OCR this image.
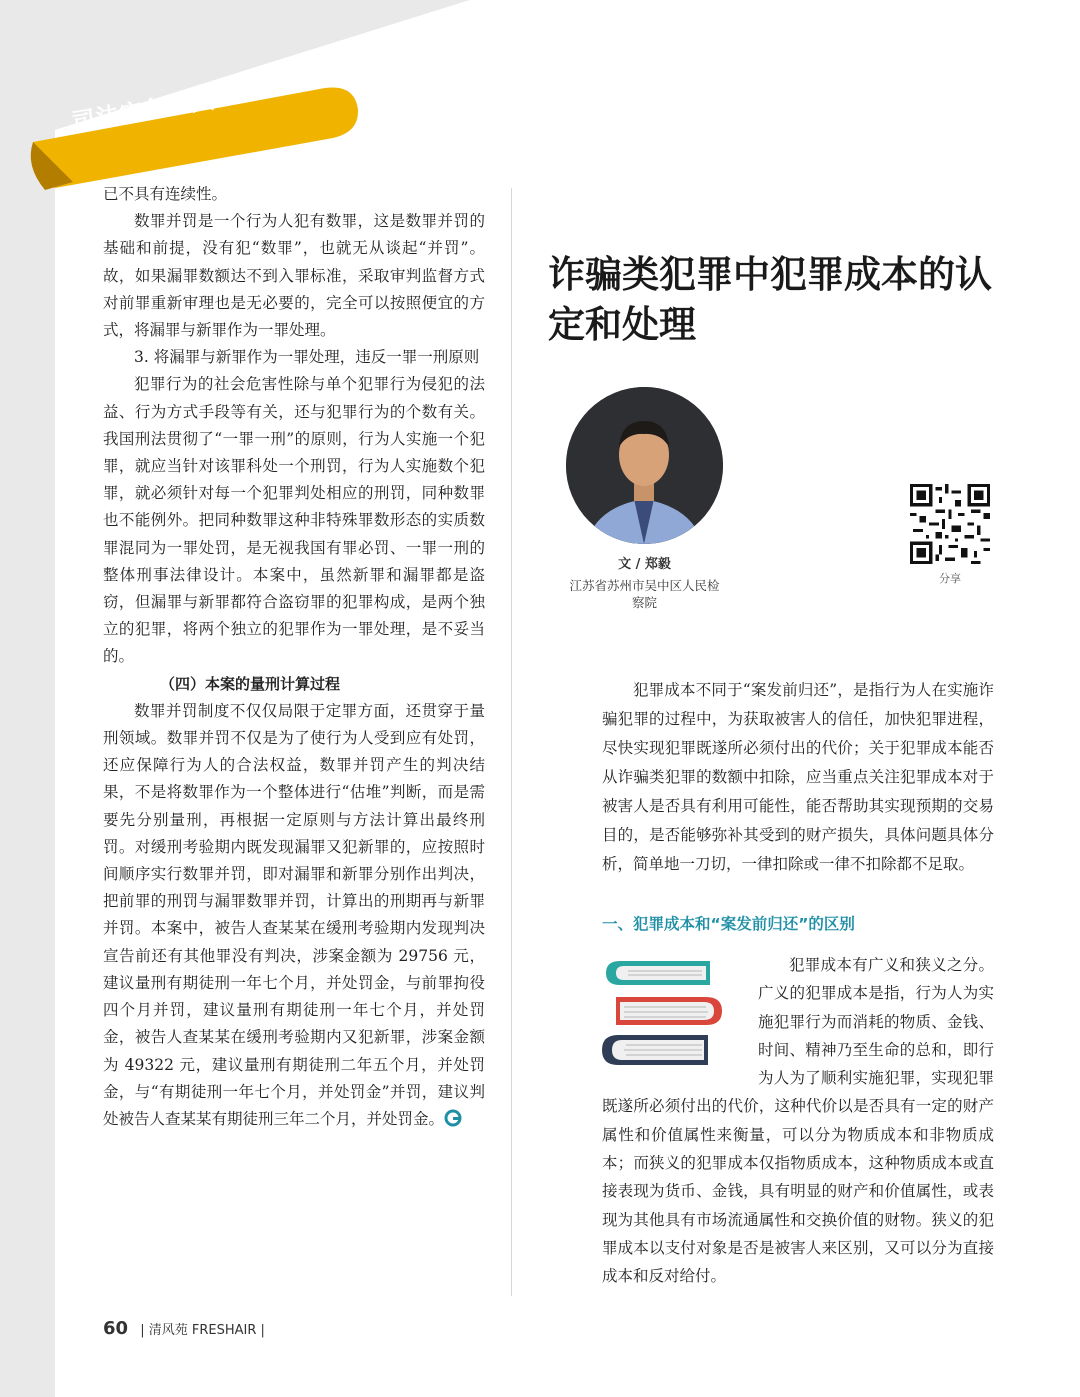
司法实务宝典

已不具有连续性。

数罪并罚是一个行为人犯有数罪，这是数罪并罚的基础和前提，没有犯“数罪”，也就无从谈起“并罚”。故，如果漏罪数额达不到入罪标准，采取审判监督方式对前罪重新审理也是无必要的，完全可以按照便宜的方式，将漏罪与新罪作为一罪处理。

3. 将漏罪与新罪作为一罪处理，违反一罪一刑原则

犯罪行为的社会危害性除与单个犯罪行为侵犯的法益、行为方式手段等有关，还与犯罪行为的个数有关。我国刑法贯彻了“一罪一刑”的原则，行为人实施一个犯罪，就应当针对该罪科处一个刑罚，行为人实施数个犯罪，就必须针对每一个犯罪判处相应的刑罚，同种数罪也不能例外。把同种数罪这种非特殊罪数形态的实质数罪混同为一罪处罚，是无视我国有罪必罚、一罪一刑的整体刑事法律设计。本案中，虽然新罪和漏罪都是盗窃，但漏罪与新罪都符合盗窃罪的犯罪构成，是两个独立的犯罪，将两个独立的犯罪作为一罪处理，是不妥当的。

（四）本案的量刑计算过程

数罪并罚制度不仅仅局限于定罪方面，还贯穿于量刑领域。数罪并罚不仅是为了使行为人受到应有处罚，还应保障行为人的合法权益，数罪并罚产生的判决结果，不是将数罪作为一个整体进行“估堆”判断，而是需要先分别量刑，再根据一定原则与方法计算出最终刑罚。对缓刑考验期内既发现漏罪又犯新罪的，应按照时间顺序实行数罪并罚，即对漏罪和新罪分别作出判决，把前罪的刑罚与漏罪数罪并罚，计算出的刑期再与新罪并罚。本案中，被告人查某某在缓刑考验期内发现判决宣告前还有其他罪没有判决，涉案金额为 29756 元，建议量刑有期徒刑一年七个月，并处罚金，与前罪拘役四个月并罚，建议量刑有期徒刑一年七个月，并处罚金，被告人查某某在缓刑考验期内又犯新罪，涉案金额为 49322 元，建议量刑有期徒刑二年五个月，并处罚金，与“有期徒刑一年七个月，并处罚金”并罚，建议判处被告人查某某有期徒刑三年二个月，并处罚金。

诈骗类犯罪中犯罪成本的认定和处理
文 / 郑毅
江苏省苏州市吴中区人民检察院
分享

犯罪成本不同于“案发前归还”，是指行为人在实施诈骗犯罪的过程中，为获取被害人的信任，加快犯罪进程，尽快实现犯罪既遂所必须付出的代价；关于犯罪成本能否从诈骗类犯罪的数额中扣除，应当重点关注犯罪成本对于被害人是否具有利用可能性，能否帮助其实现预期的交易目的，是否能够弥补其受到的财产损失，具体问题具体分析，简单地一刀切，一律扣除或一律不扣除都不足取。

一、犯罪成本和“案发前归还”的区别

犯罪成本有广义和狭义之分。广义的犯罪成本是指，行为人为实施犯罪行为而消耗的物质、金钱、时间、精神乃至生命的总和，即行为人为了顺利实施犯罪，实现犯罪既遂所必须付出的代价，这种代价以是否具有一定的财产属性和价值属性来衡量，可以分为物质成本和非物质成本；而狭义的犯罪成本仅指物质成本，这种物质成本或直接表现为货币、金钱，具有明显的财产和价值属性，或表现为其他具有市场流通属性和交换价值的财物。狭义的犯罪成本以支付对象是否是被害人来区别，又可以分为直接成本和反对给付。

60 | 清风苑 FRESHAIR |
